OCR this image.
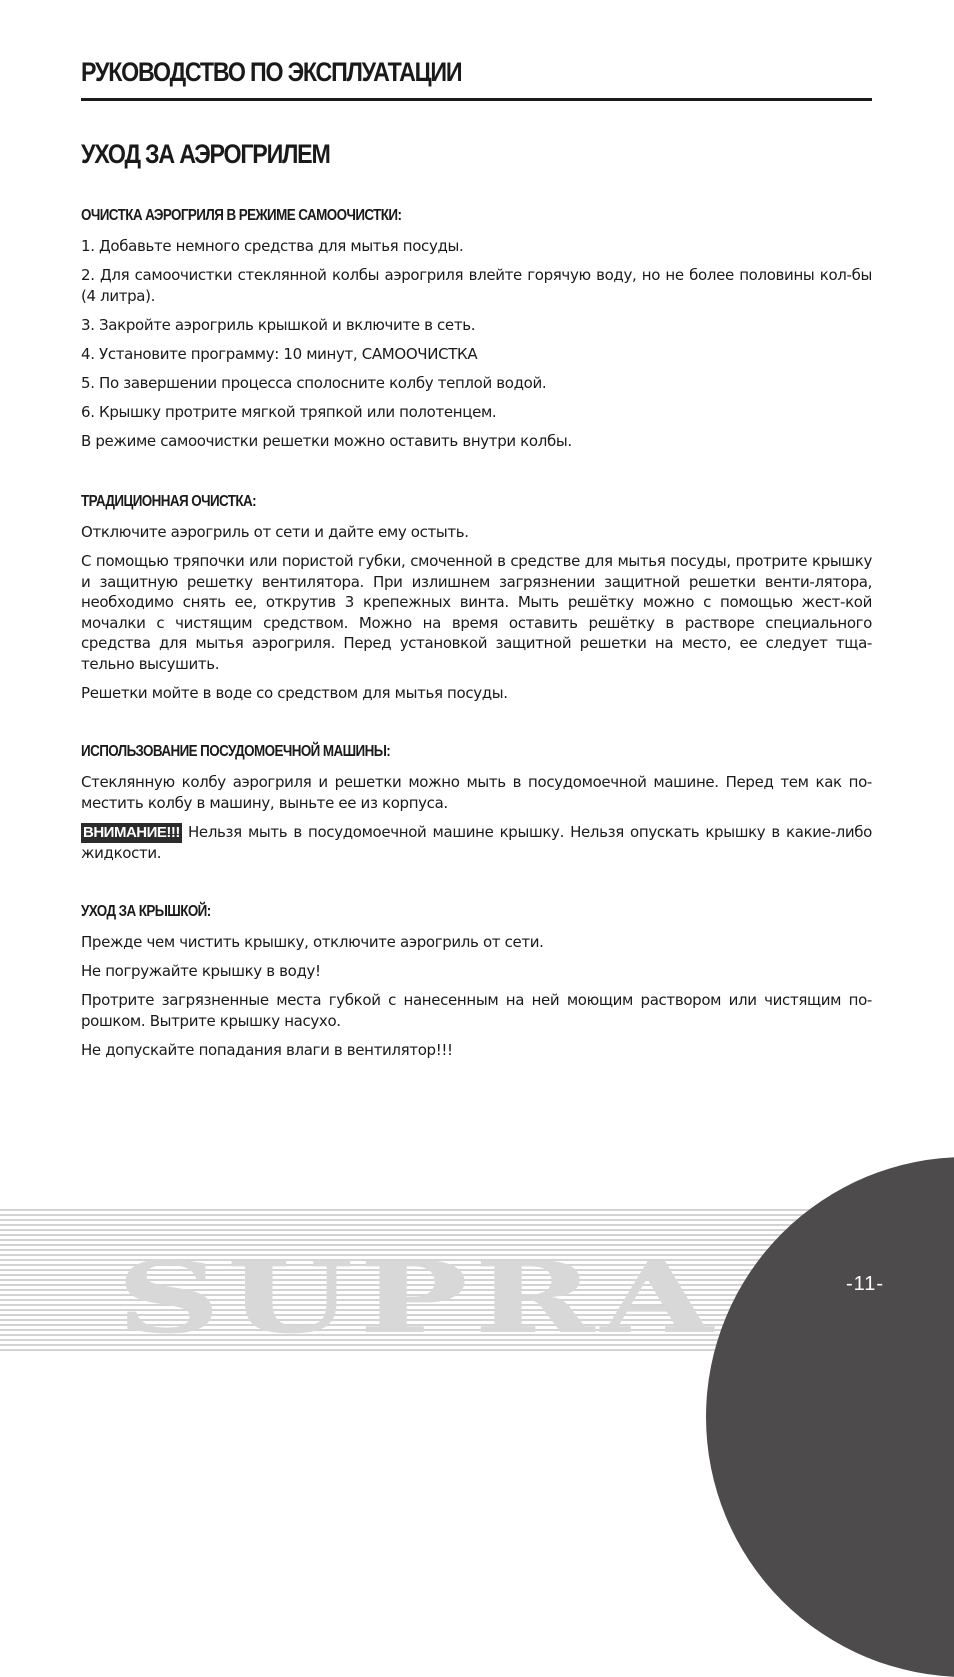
РУКОВОДСТВО ПО ЭКСПЛУАТАЦИИ
УХОД ЗА АЭРОГРИЛЕМ
ОЧИСТКА АЭРОГРИЛЯ В РЕЖИМЕ САМООЧИСТКИ:

1. Добавьте немного средства для мытья посуды.

2. Для самоочистки стеклянной колбы аэрогриля влейте горячую воду, но не более половины кол-бы (4 литра).

3. Закройте аэрогриль крышкой и включите в сеть.

4. Установите программу: 10 минут, САМООЧИСТКА

5. По завершении процесса сполосните колбу теплой водой.

6. Крышку протрите мягкой тряпкой или полотенцем.

В режиме самоочистки решетки можно оставить внутри колбы.

ТРАДИЦИОННАЯ ОЧИСТКА:

Отключите аэрогриль от сети и дайте ему остыть.

С помощью тряпочки или пористой губки, смоченной в средстве для мытья посуды, протрите крышку и защитную решетку вентилятора. При излишнем загрязнении защитной решетки венти-лятора, необходимо снять ее, открутив 3 крепежных винта. Мыть решётку можно с помощью жест-кой мочалки с чистящим средством. Можно на время оставить решётку в растворе специального средства для мытья аэрогриля. Перед установкой защитной решетки на место, ее следует тща-тельно высушить.

Решетки мойте в воде со средством для мытья посуды.

ИСПОЛЬЗОВАНИЕ ПОСУДОМОЕЧНОЙ МАШИНЫ:

Стеклянную колбу аэрогриля и решетки можно мыть в посудомоечной машине. Перед тем как по-местить колбу в машину, выньте ее из корпуса.

ВНИМАНИЕ!!! Нельзя мыть в посудомоечной машине крышку. Нельзя опускать крышку в какие-либо жидкости.

УХОД ЗА КРЫШКОЙ:

Прежде чем чистить крышку, отключите аэрогриль от сети.

Не погружайте крышку в воду!

Протрите загрязненные места губкой с нанесенным на ней моющим раствором или чистящим по-рошком. Вытрите крышку насухо.

Не допускайте попадания влаги в вентилятор!!!

SUPRA	-11-
